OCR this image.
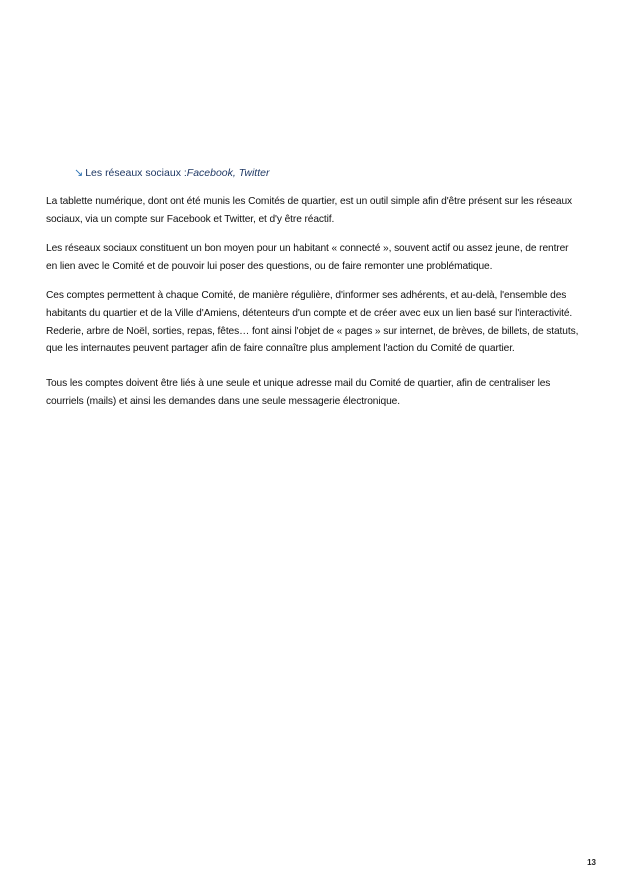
↘ Les réseaux sociaux : Facebook, Twitter

La tablette numérique, dont ont été munis les Comités de quartier, est un outil simple afin d'être présent sur les réseaux sociaux, via un compte sur Facebook et Twitter, et d'y être réactif.

Les réseaux sociaux constituent un bon moyen pour un habitant « connecté », souvent actif ou assez jeune, de rentrer en lien avec le Comité et de pouvoir lui poser des questions, ou de faire remonter une problématique.

Ces comptes permettent à chaque Comité, de manière régulière, d'informer ses adhérents, et au-delà, l'ensemble des habitants du quartier et de la Ville d'Amiens, détenteurs d'un compte et de créer avec eux un lien basé sur l'interactivité. Rederie, arbre de Noël, sorties, repas, fêtes… font ainsi l'objet de « pages » sur internet, de brèves, de billets, de statuts, que les internautes peuvent partager afin de faire connaître plus amplement l'action du Comité de quartier.

Tous les comptes doivent être liés à une seule et unique adresse mail du Comité de quartier, afin de centraliser les courriels (mails) et ainsi les demandes dans une seule messagerie électronique.

13
